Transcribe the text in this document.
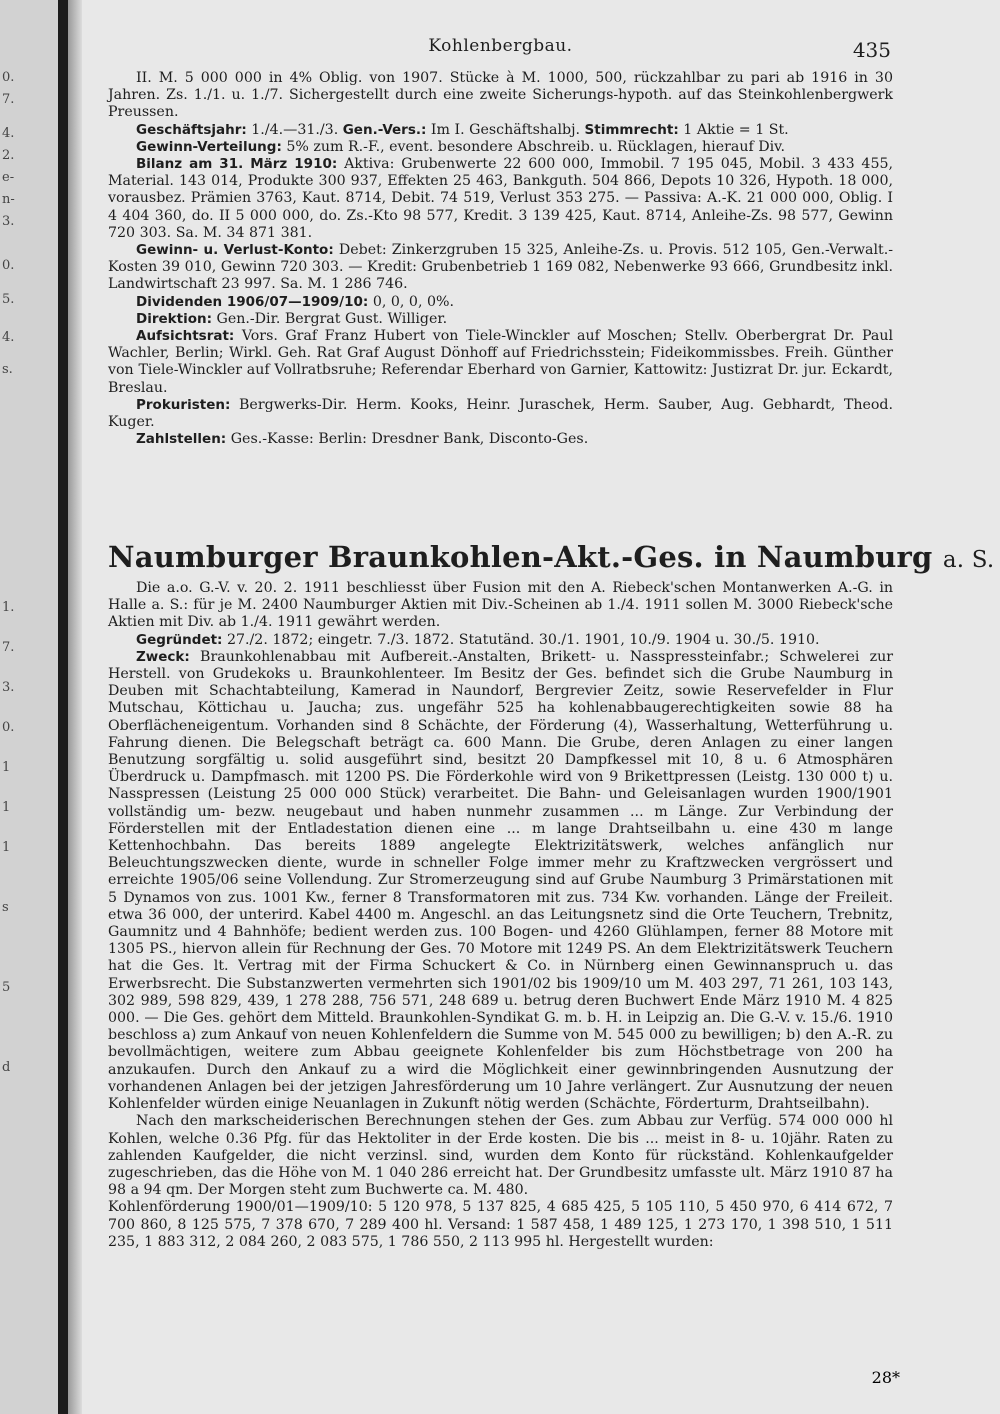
0.
7.
4.
2.
e-
n-
3.
0.
5.
4.
s.
1.
7.
3.
0.
1
1
1
s
5
d
Kohlenbergbau.	435

II. M. 5 000 000 in 4% Oblig. von 1907. Stücke à M. 1000, 500, rückzahlbar zu pari ab 1916 in 30 Jahren. Zs. 1./1. u. 1./7. Sichergestellt durch eine zweite Sicherungs-hypoth. auf das Steinkohlenbergwerk Preussen.

Geschäftsjahr: 1./4.—31./3. Gen.-Vers.: Im I. Geschäftshalbj. Stimmrecht: 1 Aktie = 1 St.

Gewinn-Verteilung: 5% zum R.-F., event. besondere Abschreib. u. Rücklagen, hierauf Div.

Bilanz am 31. März 1910: Aktiva: Grubenwerte 22 600 000, Immobil. 7 195 045, Mobil. 3 433 455, Material. 143 014, Produkte 300 937, Effekten 25 463, Bankguth. 504 866, Depots 10 326, Hypoth. 18 000, vorausbez. Prämien 3763, Kaut. 8714, Debit. 74 519, Verlust 353 275. — Passiva: A.-K. 21 000 000, Oblig. I 4 404 360, do. II 5 000 000, do. Zs.-Kto 98 577, Kredit. 3 139 425, Kaut. 8714, Anleihe-Zs. 98 577, Gewinn 720 303. Sa. M. 34 871 381.

Gewinn- u. Verlust-Konto: Debet: Zinkerzgruben 15 325, Anleihe-Zs. u. Provis. 512 105, Gen.-Verwalt.-Kosten 39 010, Gewinn 720 303. — Kredit: Grubenbetrieb 1 169 082, Nebenwerke 93 666, Grundbesitz inkl. Landwirtschaft 23 997. Sa. M. 1 286 746.

Dividenden 1906/07—1909/10: 0, 0, 0, 0%.

Direktion: Gen.-Dir. Bergrat Gust. Williger.

Aufsichtsrat: Vors. Graf Franz Hubert von Tiele-Winckler auf Moschen; Stellv. Oberbergrat Dr. Paul Wachler, Berlin; Wirkl. Geh. Rat Graf August Dönhoff auf Friedrichsstein; Fideikommissbes. Freih. Günther von Tiele-Winckler auf Vollratbsruhe; Referendar Eberhard von Garnier, Kattowitz: Justizrat Dr. jur. Eckardt, Breslau.

Prokuristen: Bergwerks-Dir. Herm. Kooks, Heinr. Juraschek, Herm. Sauber, Aug. Gebhardt, Theod. Kuger.

Zahlstellen: Ges.-Kasse: Berlin: Dresdner Bank, Disconto-Ges.

Naumburger Braunkohlen-Akt.-Ges. in Naumburg a. S.

Die a.o. G.-V. v. 20. 2. 1911 beschliesst über Fusion mit den A. Riebeck'schen Montanwerken A.-G. in Halle a. S.: für je M. 2400 Naumburger Aktien mit Div.-Scheinen ab 1./4. 1911 sollen M. 3000 Riebeck'sche Aktien mit Div. ab 1./4. 1911 gewährt werden.

Gegründet: 27./2. 1872; eingetr. 7./3. 1872. Statutänd. 30./1. 1901, 10./9. 1904 u. 30./5. 1910.

Zweck: Braunkohlenabbau mit Aufbereit.-Anstalten, Brikett- u. Nasspressteinfabr.; Schwelerei zur Herstell. von Grudekoks u. Braunkohlenteer. Im Besitz der Ges. befindet sich die Grube Naumburg in Deuben mit Schachtabteilung, Kamerad in Naundorf, Bergrevier Zeitz, sowie Reservefelder in Flur Mutschau, Köttichau u. Jaucha; zus. ungefähr 525 ha kohlenabbaugerechtigkeiten sowie 88 ha Oberflächeneigentum. Vorhanden sind 8 Schächte, der Förderung (4), Wasserhaltung, Wetterführung u. Fahrung dienen. Die Belegschaft beträgt ca. 600 Mann. Die Grube, deren Anlagen zu einer langen Benutzung sorgfältig u. solid ausgeführt sind, besitzt 20 Dampfkessel mit 10, 8 u. 6 Atmosphären Überdruck u. Dampfmasch. mit 1200 PS. Die Förderkohle wird von 9 Brikettpressen (Leistg. 130 000 t) u. Nasspressen (Leistung 25 000 000 Stück) verarbeitet. Die Bahn- und Geleisanlagen wurden 1900/1901 vollständig um- bezw. neugebaut und haben nunmehr zusammen ... m Länge. Zur Verbindung der Förderstellen mit der Entladestation dienen eine ... m lange Drahtseilbahn u. eine 430 m lange Kettenhochbahn. Das bereits 1889 angelegte Elektrizitätswerk, welches anfänglich nur Beleuchtungszwecken diente, wurde in schneller Folge immer mehr zu Kraftzwecken vergrössert und erreichte 1905/06 seine Vollendung. Zur Stromerzeugung sind auf Grube Naumburg 3 Primärstationen mit 5 Dynamos von zus. 1001 Kw., ferner 8 Transformatoren mit zus. 734 Kw. vorhanden. Länge der Freileit. etwa 36 000, der unterird. Kabel 4400 m. Angeschl. an das Leitungsnetz sind die Orte Teuchern, Trebnitz, Gaumnitz und 4 Bahnhöfe; bedient werden zus. 100 Bogen- und 4260 Glühlampen, ferner 88 Motore mit 1305 PS., hiervon allein für Rechnung der Ges. 70 Motore mit 1249 PS. An dem Elektrizitätswerk Teuchern hat die Ges. lt. Vertrag mit der Firma Schuckert & Co. in Nürnberg einen Gewinnanspruch u. das Erwerbsrecht. Die Substanzwerten vermehrten sich 1901/02 bis 1909/10 um M. 403 297, 71 261, 103 143, 302 989, 598 829, 439, 1 278 288, 756 571, 248 689 u. betrug deren Buchwert Ende März 1910 M. 4 825 000. — Die Ges. gehört dem Mitteld. Braunkohlen-Syndikat G. m. b. H. in Leipzig an. Die G.-V. v. 15./6. 1910 beschloss a) zum Ankauf von neuen Kohlenfeldern die Summe von M. 545 000 zu bewilligen; b) den A.-R. zu bevollmächtigen, weitere zum Abbau geeignete Kohlenfelder bis zum Höchstbetrage von 200 ha anzukaufen. Durch den Ankauf zu a wird die Möglichkeit einer gewinnbringenden Ausnutzung der vorhandenen Anlagen bei der jetzigen Jahresförderung um 10 Jahre verlängert. Zur Ausnutzung der neuen Kohlenfelder würden einige Neuanlagen in Zukunft nötig werden (Schächte, Förderturm, Drahtseilbahn).

Nach den markscheiderischen Berechnungen stehen der Ges. zum Abbau zur Verfüg. 574 000 000 hl Kohlen, welche 0.36 Pfg. für das Hektoliter in der Erde kosten. Die bis ... meist in 8- u. 10jähr. Raten zu zahlenden Kaufgelder, die nicht verzinsl. sind, wurden dem Konto für rückständ. Kohlenkaufgelder zugeschrieben, das die Höhe von M. 1 040 286 erreicht hat. Der Grundbesitz umfasste ult. März 1910 87 ha 98 a 94 qm. Der Morgen steht zum Buchwerte ca. M. 480.

Kohlenförderung 1900/01—1909/10: 5 120 978, 5 137 825, 4 685 425, 5 105 110, 5 450 970, 6 414 672, 7 700 860, 8 125 575, 7 378 670, 7 289 400 hl. Versand: 1 587 458, 1 489 125, 1 273 170, 1 398 510, 1 511 235, 1 883 312, 2 084 260, 2 083 575, 1 786 550, 2 113 995 hl. Hergestellt wurden:

28*
